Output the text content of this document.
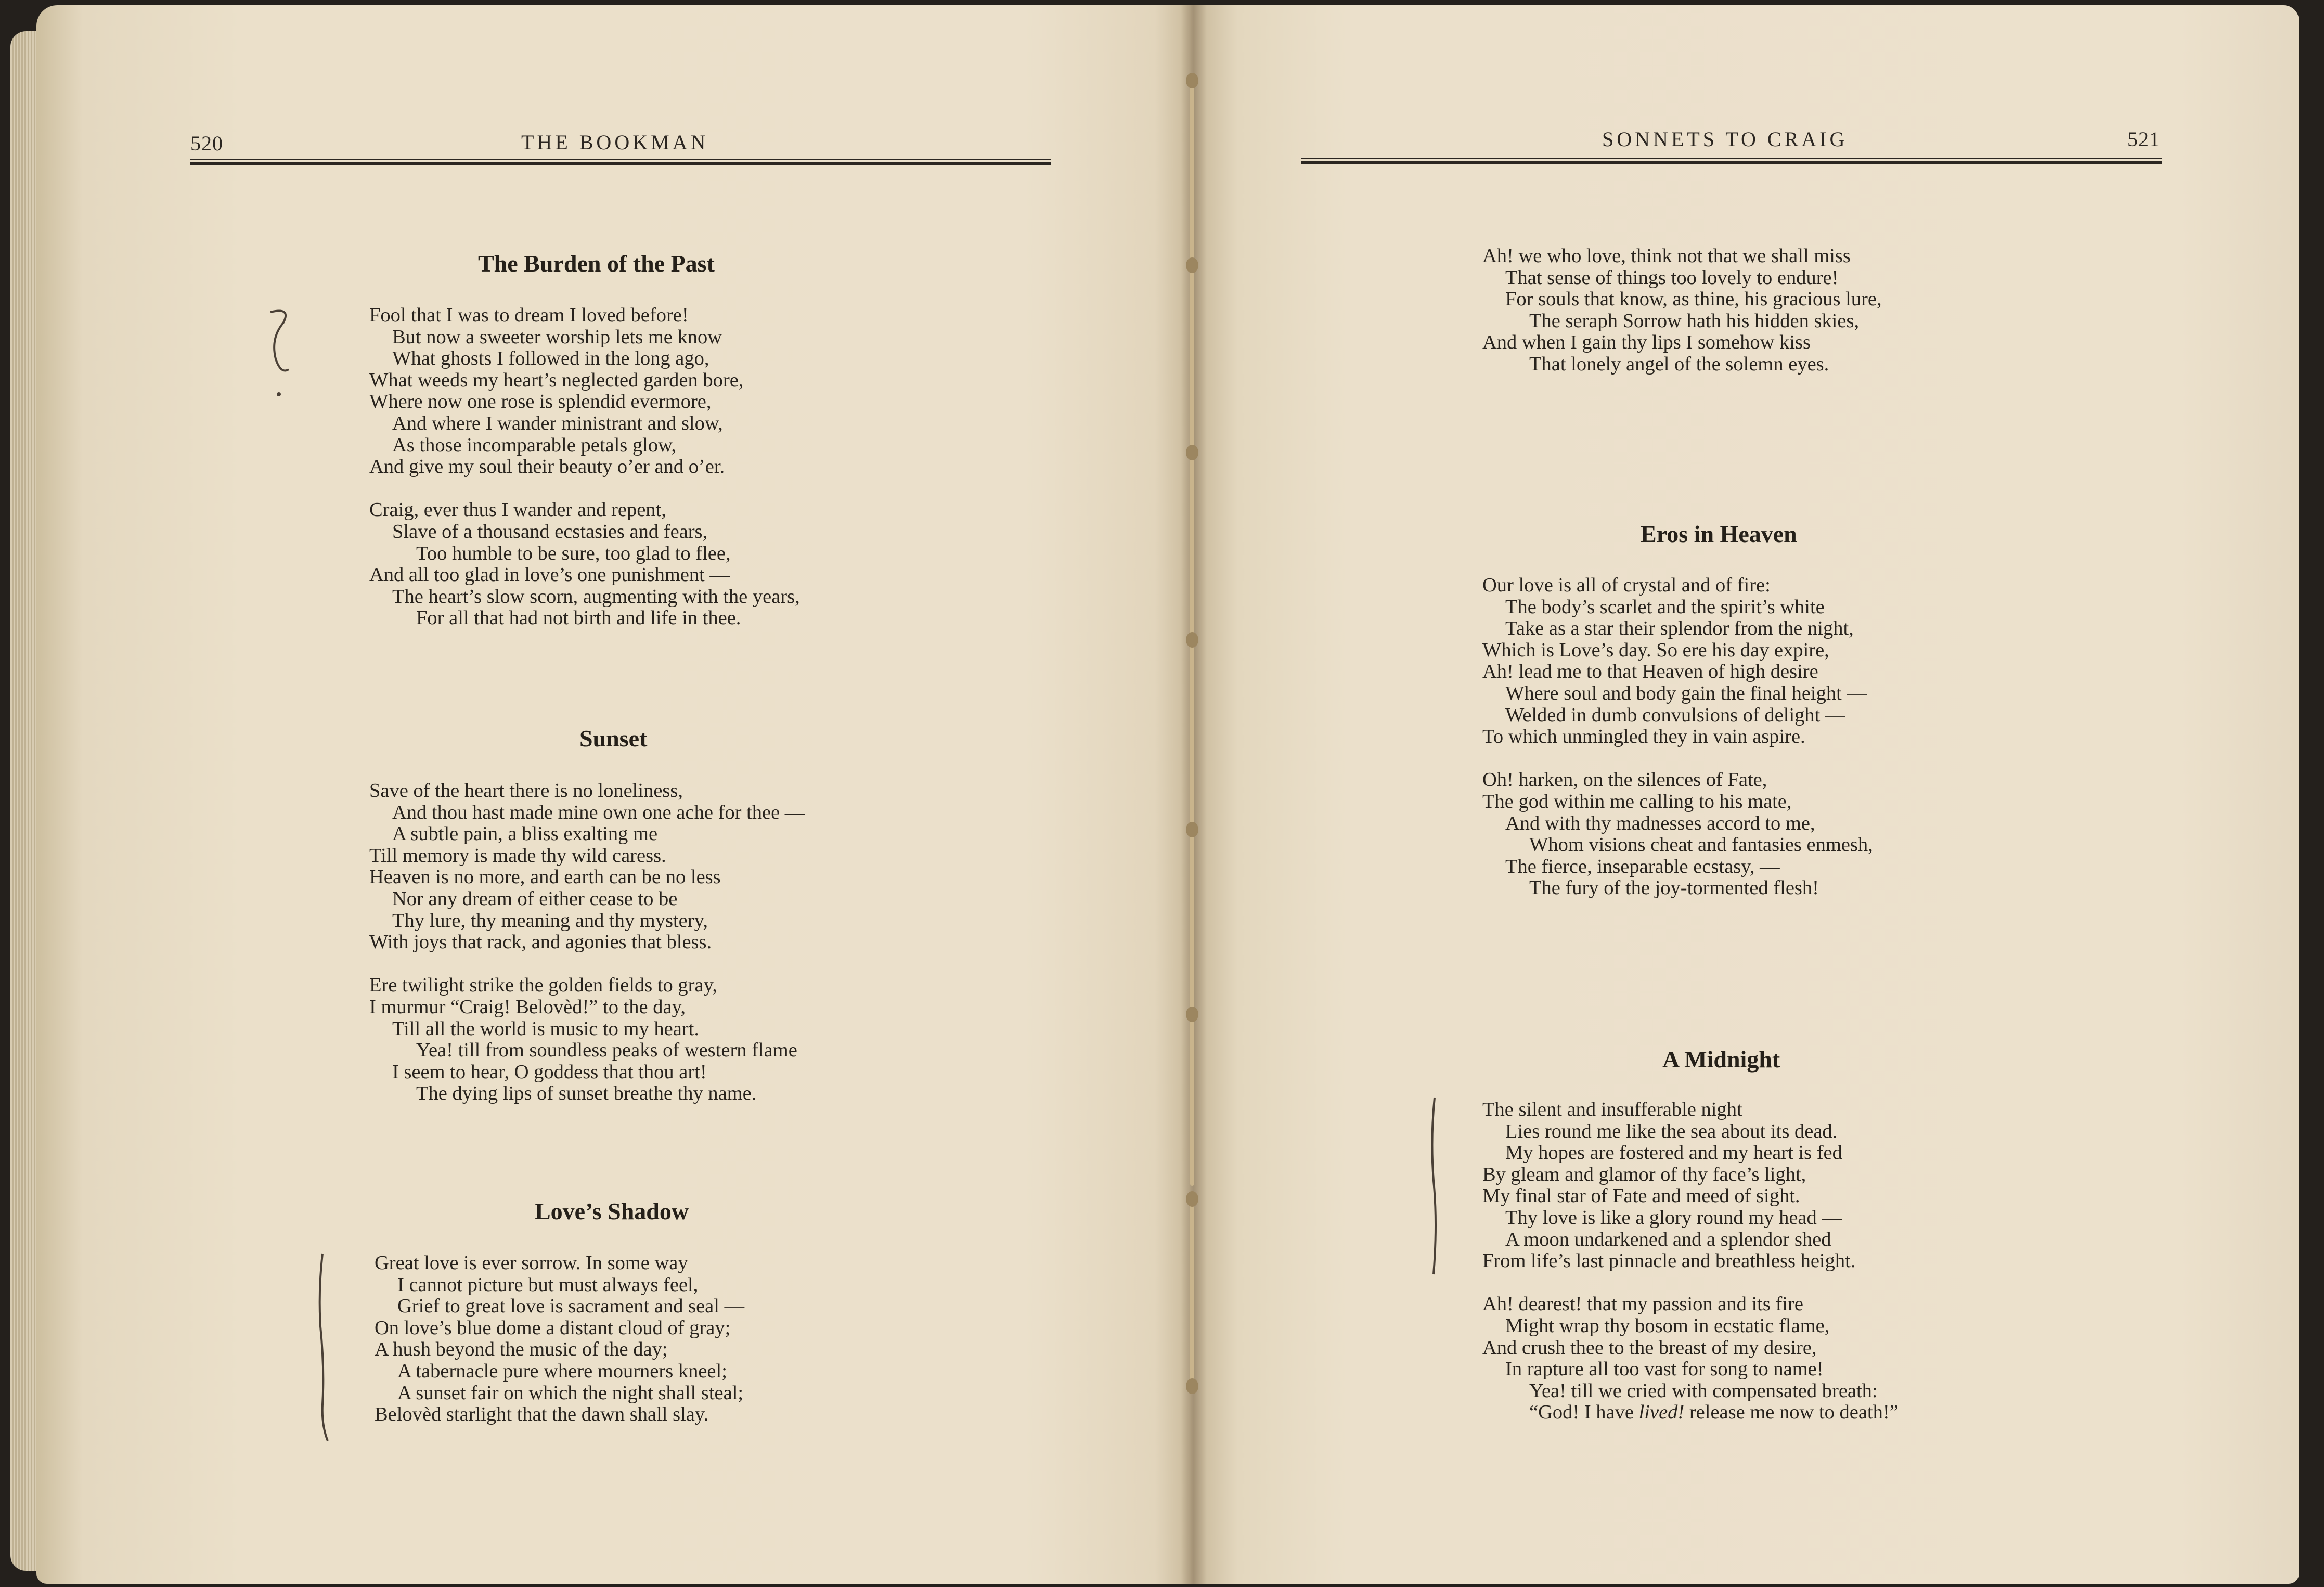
520	THE BOOKMAN
The Burden of the Past
Fool that I was to dream I loved before!
But now a sweeter worship lets me know
What ghosts I followed in the long ago,
What weeds my heart’s neglected garden bore,
Where now one rose is splendid evermore,
And where I wander ministrant and slow,
As those incomparable petals glow,
And give my soul their beauty o’er and o’er.
Craig, ever thus I wander and repent,
Slave of a thousand ecstasies and fears,
Too humble to be sure, too glad to flee,
And all too glad in love’s one punishment —
The heart’s slow scorn, augmenting with the years,
For all that had not birth and life in thee.
Sunset
Save of the heart there is no loneliness,
And thou hast made mine own one ache for thee —
A subtle pain, a bliss exalting me
Till memory is made thy wild caress.
Heaven is no more, and earth can be no less
Nor any dream of either cease to be
Thy lure, thy meaning and thy mystery,
With joys that rack, and agonies that bless.
Ere twilight strike the golden fields to gray,
I murmur “Craig! Belovèd!” to the day,
Till all the world is music to my heart.
Yea! till from soundless peaks of western flame
I seem to hear, O goddess that thou art!
The dying lips of sunset breathe thy name.
Love’s Shadow
Great love is ever sorrow. In some way
I cannot picture but must always feel,
Grief to great love is sacrament and seal —
On love’s blue dome a distant cloud of gray;
A hush beyond the music of the day;
A tabernacle pure where mourners kneel;
A sunset fair on which the night shall steal;
Belovèd starlight that the dawn shall slay.
SONNETS TO CRAIG	521
Ah! we who love, think not that we shall miss
That sense of things too lovely to endure!
For souls that know, as thine, his gracious lure,
The seraph Sorrow hath his hidden skies,
And when I gain thy lips I somehow kiss
That lonely angel of the solemn eyes.
Eros in Heaven
Our love is all of crystal and of fire:
The body’s scarlet and the spirit’s white
Take as a star their splendor from the night,
Which is Love’s day. So ere his day expire,
Ah! lead me to that Heaven of high desire
Where soul and body gain the final height —
Welded in dumb convulsions of delight —
To which unmingled they in vain aspire.
Oh! harken, on the silences of Fate,
The god within me calling to his mate,
And with thy madnesses accord to me,
Whom visions cheat and fantasies enmesh,
The fierce, inseparable ecstasy, —
The fury of the joy-tormented flesh!
A Midnight
The silent and insufferable night
Lies round me like the sea about its dead.
My hopes are fostered and my heart is fed
By gleam and glamor of thy face’s light,
My final star of Fate and meed of sight.
Thy love is like a glory round my head —
A moon undarkened and a splendor shed
From life’s last pinnacle and breathless height.
Ah! dearest! that my passion and its fire
Might wrap thy bosom in ecstatic flame,
And crush thee to the breast of my desire,
In rapture all too vast for song to name!
Yea! till we cried with compensated breath:
“God! I have lived! release me now to death!”
